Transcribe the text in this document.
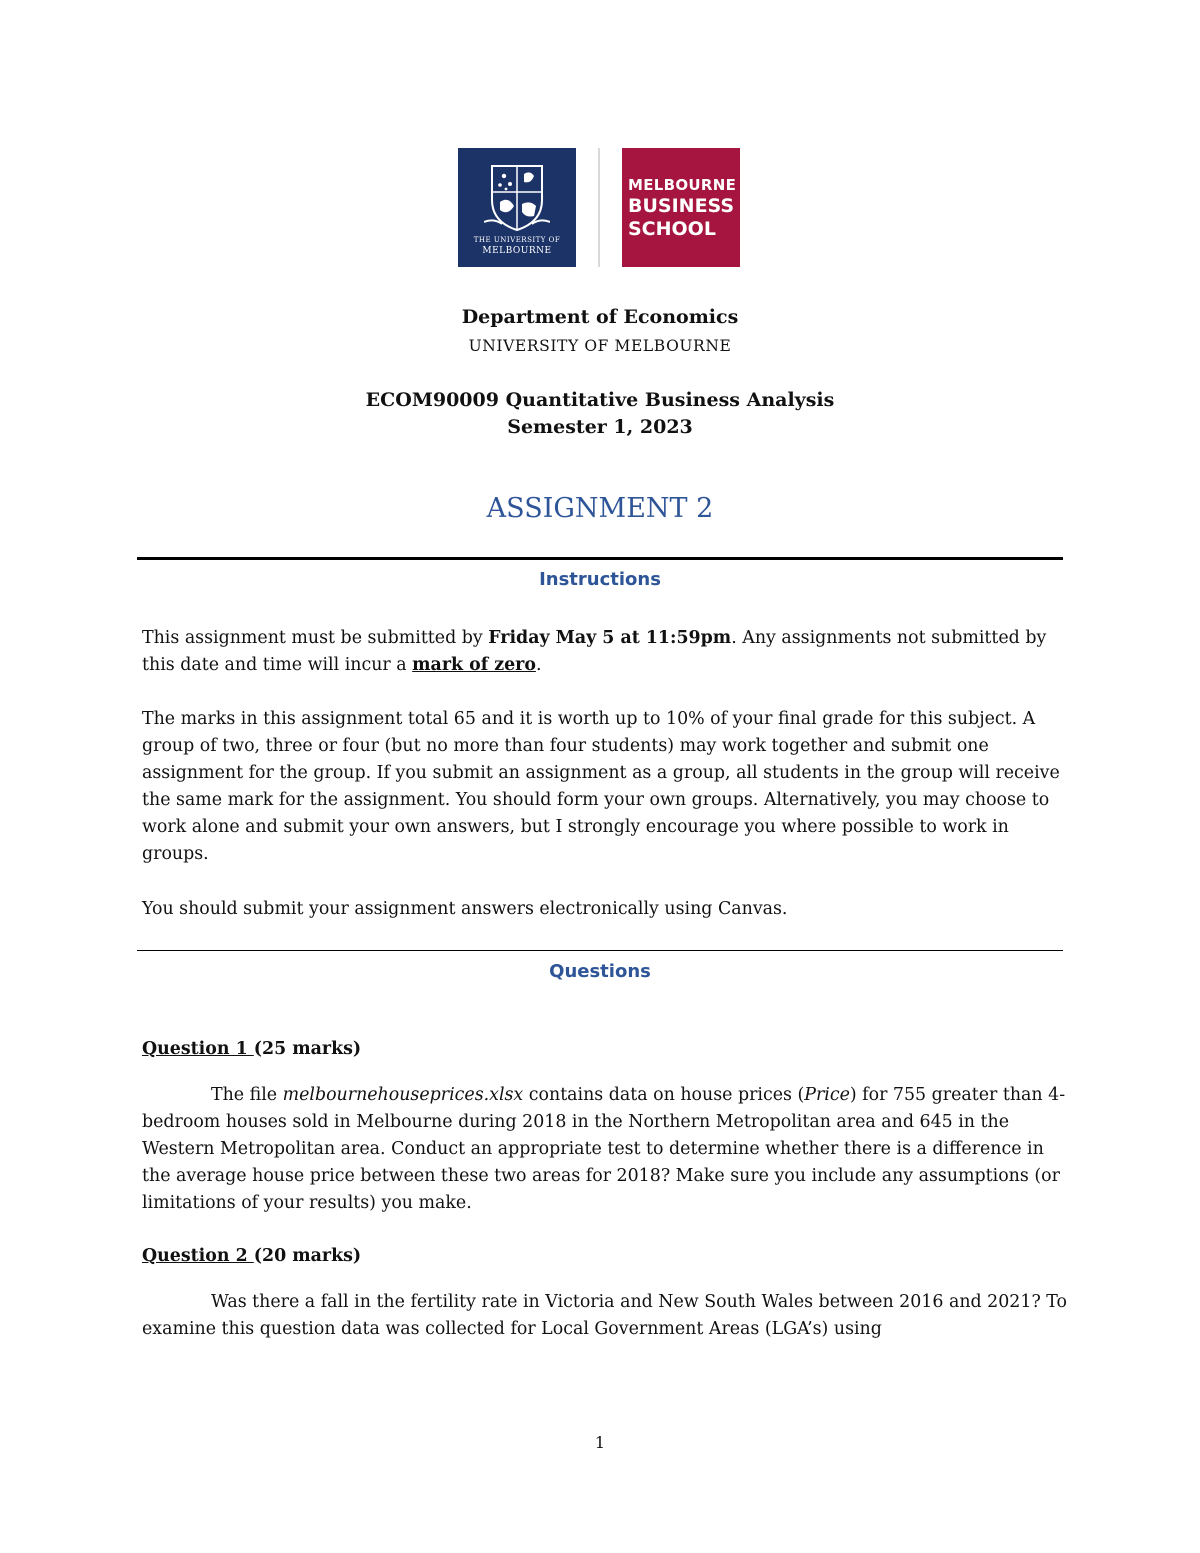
THE UNIVERSITY OF
MELBOURNE
MELBOURNE
BUSINESS
SCHOOL
Department of Economics
UNIVERSITY OF MELBOURNE
ECOM90009 Quantitative Business Analysis
Semester 1, 2023
ASSIGNMENT 2
Instructions

This assignment must be submitted by Friday May 5 at 11:59pm. Any assignments not submitted by this date and time will incur a mark of zero.

The marks in this assignment total 65 and it is worth up to 10% of your final grade for this subject. A group of two, three or four (but no more than four students) may work together and submit one assignment for the group. If you submit an assignment as a group, all students in the group will receive the same mark for the assignment. You should form your own groups. Alternatively, you may choose to work alone and submit your own answers, but I strongly encourage you where possible to work in groups.

You should submit your assignment answers electronically using Canvas.

Questions

Question 1 (25 marks)

The file melbournehouseprices.xlsx contains data on house prices (Price) for 755 greater than 4-bedroom houses sold in Melbourne during 2018 in the Northern Metropolitan area and 645 in the Western Metropolitan area. Conduct an appropriate test to determine whether there is a difference in the average house price between these two areas for 2018? Make sure you include any assumptions (or limitations of your results) you make.

Question 2 (20 marks)

Was there a fall in the fertility rate in Victoria and New South Wales between 2016 and 2021? To examine this question data was collected for Local Government Areas (LGA’s) using

1
